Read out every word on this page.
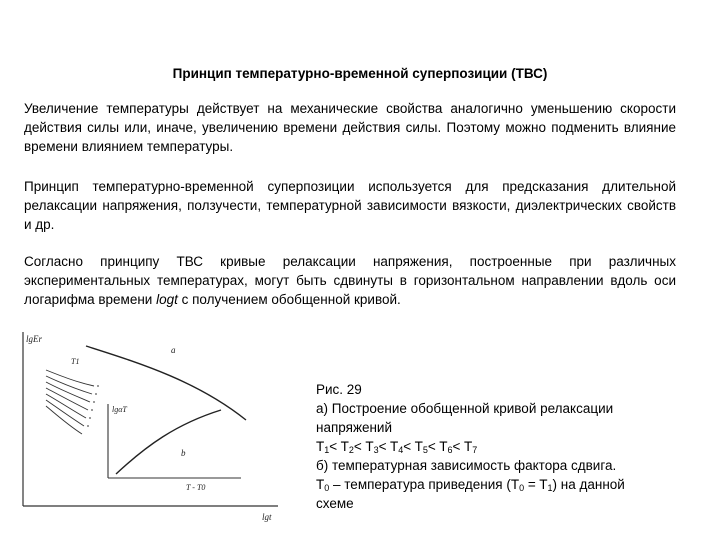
Принцип температурно-временной суперпозиции (ТВС)
Увеличение температуры действует на механические свойства аналогично уменьшению скорости действия силы или, иначе, увеличению времени действия силы. Поэтому можно подменить влияние времени влиянием температуры.
Принцип температурно-временной суперпозиции используется для предсказания длительной релаксации напряжения, ползучести, температурной зависимости вязкости, диэлектрических свойств и др.
Согласно принципу ТВС кривые релаксации напряжения, построенные при различных экспериментальных температурах, могут быть сдвинуты в горизонтальном направлении вдоль оси логарифма времени logt с получением обобщенной кривой.
lgEr
lgt
a
T1
lgαT
b
T - T0
Рис. 29
а) Построение обобщенной кривой релаксации
напряжений
$T_1< T_2< T_3< T_4< T_5< T_6< T_7$
б) температурная зависимость фактора сдвига.
$T_0$ – температура приведения $(T_0 = T_1)$ на данной
схеме
